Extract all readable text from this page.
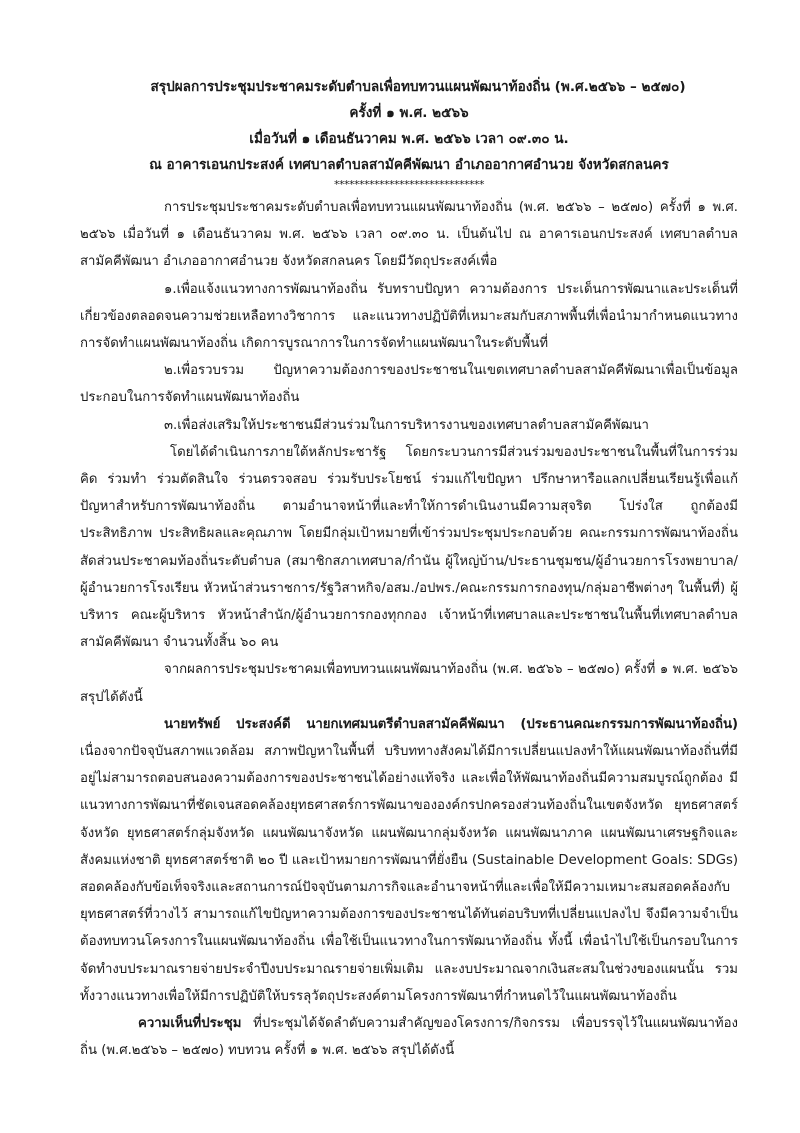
สรุปผลการประชุมประชาคมระดับตำบลเพื่อทบทวนแผนพัฒนาท้องถิ่น (พ.ศ.๒๕๖๖ – ๒๕๗๐)

ครั้งที่ ๑ พ.ศ. ๒๕๖๖

เมื่อวันที่ ๑ เดือนธันวาคม พ.ศ. ๒๕๖๖ เวลา ๐๙.๓๐ น.

ณ อาคารเอนกประสงค์ เทศบาลตำบลสามัคคีพัฒนา อำเภออากาศอำนวย จังหวัดสกลนคร

******************************

การประชุมประชาคมระดับตำบลเพื่อทบทวนแผนพัฒนาท้องถิ่น (พ.ศ. ๒๕๖๖ – ๒๕๗๐) ครั้งที่ ๑ พ.ศ. ๒๕๖๖ เมื่อวันที่ ๑ เดือนธันวาคม พ.ศ. ๒๕๖๖ เวลา ๐๙.๓๐ น. เป็นต้นไป ณ อาคารเอนกประสงค์ เทศบาลตำบลสามัคคีพัฒนา อำเภออากาศอำนวย จังหวัดสกลนคร โดยมีวัตถุประสงค์เพื่อ

๑.เพื่อแจ้งแนวทางการพัฒนาท้องถิ่น รับทราบปัญหา ความต้องการ ประเด็นการพัฒนาและประเด็นที่เกี่ยวข้องตลอดจนความช่วยเหลือทางวิชาการ และแนวทางปฏิบัติที่เหมาะสมกับสภาพพื้นที่เพื่อนำมากำหนดแนวทางการจัดทำแผนพัฒนาท้องถิ่น เกิดการบูรณาการในการจัดทำแผนพัฒนาในระดับพื้นที่

๒.เพื่อรวบรวม ปัญหาความต้องการของประชาชนในเขตเทศบาลตำบลสามัคคีพัฒนาเพื่อเป็นข้อมูลประกอบในการจัดทำแผนพัฒนาท้องถิ่น

๓.เพื่อส่งเสริมให้ประชาชนมีส่วนร่วมในการบริหารงานของเทศบาลตำบลสามัคคีพัฒนา

โดยได้ดำเนินการภายใต้หลักประชารัฐ โดยกระบวนการมีส่วนร่วมของประชาชนในพื้นที่ในการร่วมคิด ร่วมทำ ร่วมตัดสินใจ ร่วนตรวจสอบ ร่วมรับประโยชน์ ร่วมแก้ไขปัญหา ปรึกษาหารือแลกเปลี่ยนเรียนรู้เพื่อแก้ปัญหาสำหรับการพัฒนาท้องถิ่น ตามอำนาจหน้าที่และทำให้การดำเนินงานมีความสุจริต โปร่งใส ถูกต้องมีประสิทธิภาพ ประสิทธิผลและคุณภาพ โดยมีกลุ่มเป้าหมายที่เข้าร่วมประชุมประกอบด้วย คณะกรรมการพัฒนาท้องถิ่น สัดส่วนประชาคมท้องถิ่นระดับตำบล (สมาชิกสภาเทศบาล/กำนัน ผู้ใหญ่บ้าน/ประธานชุมชน/ผู้อำนวยการโรงพยาบาล/ผู้อำนวยการโรงเรียน หัวหน้าส่วนราชการ/รัฐวิสาหกิจ/อสม./อปพร./คณะกรรมการกองทุน/กลุ่มอาชีพต่างๆ ในพื้นที่) ผู้บริหาร คณะผู้บริหาร หัวหน้าสำนัก/ผู้อำนวยการกองทุกกอง เจ้าหน้าที่เทศบาลและประชาชนในพื้นที่เทศบาลตำบลสามัคคีพัฒนา จำนวนทั้งสิ้น ๖๐ คน

จากผลการประชุมประชาคมเพื่อทบทวนแผนพัฒนาท้องถิ่น (พ.ศ. ๒๕๖๖ – ๒๕๗๐) ครั้งที่ ๑ พ.ศ. ๒๕๖๖ สรุปได้ดังนี้

นายทรัพย์ ประสงค์ดี นายกเทศมนตรีตำบลสามัคคีพัฒนา (ประธานคณะกรรมการพัฒนาท้องถิ่น) เนื่องจากปัจจุบันสภาพแวดล้อม สภาพปัญหาในพื้นที่ บริบททางสังคมได้มีการเปลี่ยนแปลงทำให้แผนพัฒนาท้องถิ่นที่มีอยู่ไม่สามารถตอบสนองความต้องการของประชาชนได้อย่างแท้จริง และเพื่อให้พัฒนาท้องถิ่นมีความสมบูรณ์ถูกต้อง มีแนวทางการพัฒนาที่ชัดเจนสอดคล้องยุทธศาสตร์การพัฒนาขององค์กรปกครองส่วนท้องถิ่นในเขตจังหวัด ยุทธศาสตร์จังหวัด ยุทธศาสตร์กลุ่มจังหวัด แผนพัฒนาจังหวัด แผนพัฒนากลุ่มจังหวัด แผนพัฒนาภาค แผนพัฒนาเศรษฐกิจและสังคมแห่งชาติ ยุทธศาสตร์ชาติ ๒๐ ปี และเป้าหมายการพัฒนาที่ยั่งยืน (Sustainable Development Goals: SDGs) สอดคล้องกับข้อเท็จจริงและสถานการณ์ปัจจุบันตามภารกิจและอำนาจหน้าที่และเพื่อให้มีความเหมาะสมสอดคล้องกับยุทธศาสตร์ที่วางไว้ สามารถแก้ไขปัญหาความต้องการของประชาชนได้ทันต่อบริบทที่เปลี่ยนแปลงไป จึงมีความจำเป็นต้องทบทวนโครงการในแผนพัฒนาท้องถิ่น เพื่อใช้เป็นแนวทางในการพัฒนาท้องถิ่น ทั้งนี้ เพื่อนำไปใช้เป็นกรอบในการจัดทำงบประมาณรายจ่ายประจำปีงบประมาณรายจ่ายเพิ่มเติม และงบประมาณจากเงินสะสมในช่วงของแผนนั้น รวมทั้งวางแนวทางเพื่อให้มีการปฏิบัติให้บรรลุวัตถุประสงค์ตามโครงการพัฒนาที่กำหนดไว้ในแผนพัฒนาท้องถิ่น

ความเห็นที่ประชุม ที่ประชุมได้จัดลำดับความสำคัญของโครงการ/กิจกรรม เพื่อบรรจุไว้ในแผนพัฒนาท้องถิ่น (พ.ศ.๒๕๖๖ – ๒๕๗๐) ทบทวน ครั้งที่ ๑ พ.ศ. ๒๕๖๖ สรุปได้ดังนี้
